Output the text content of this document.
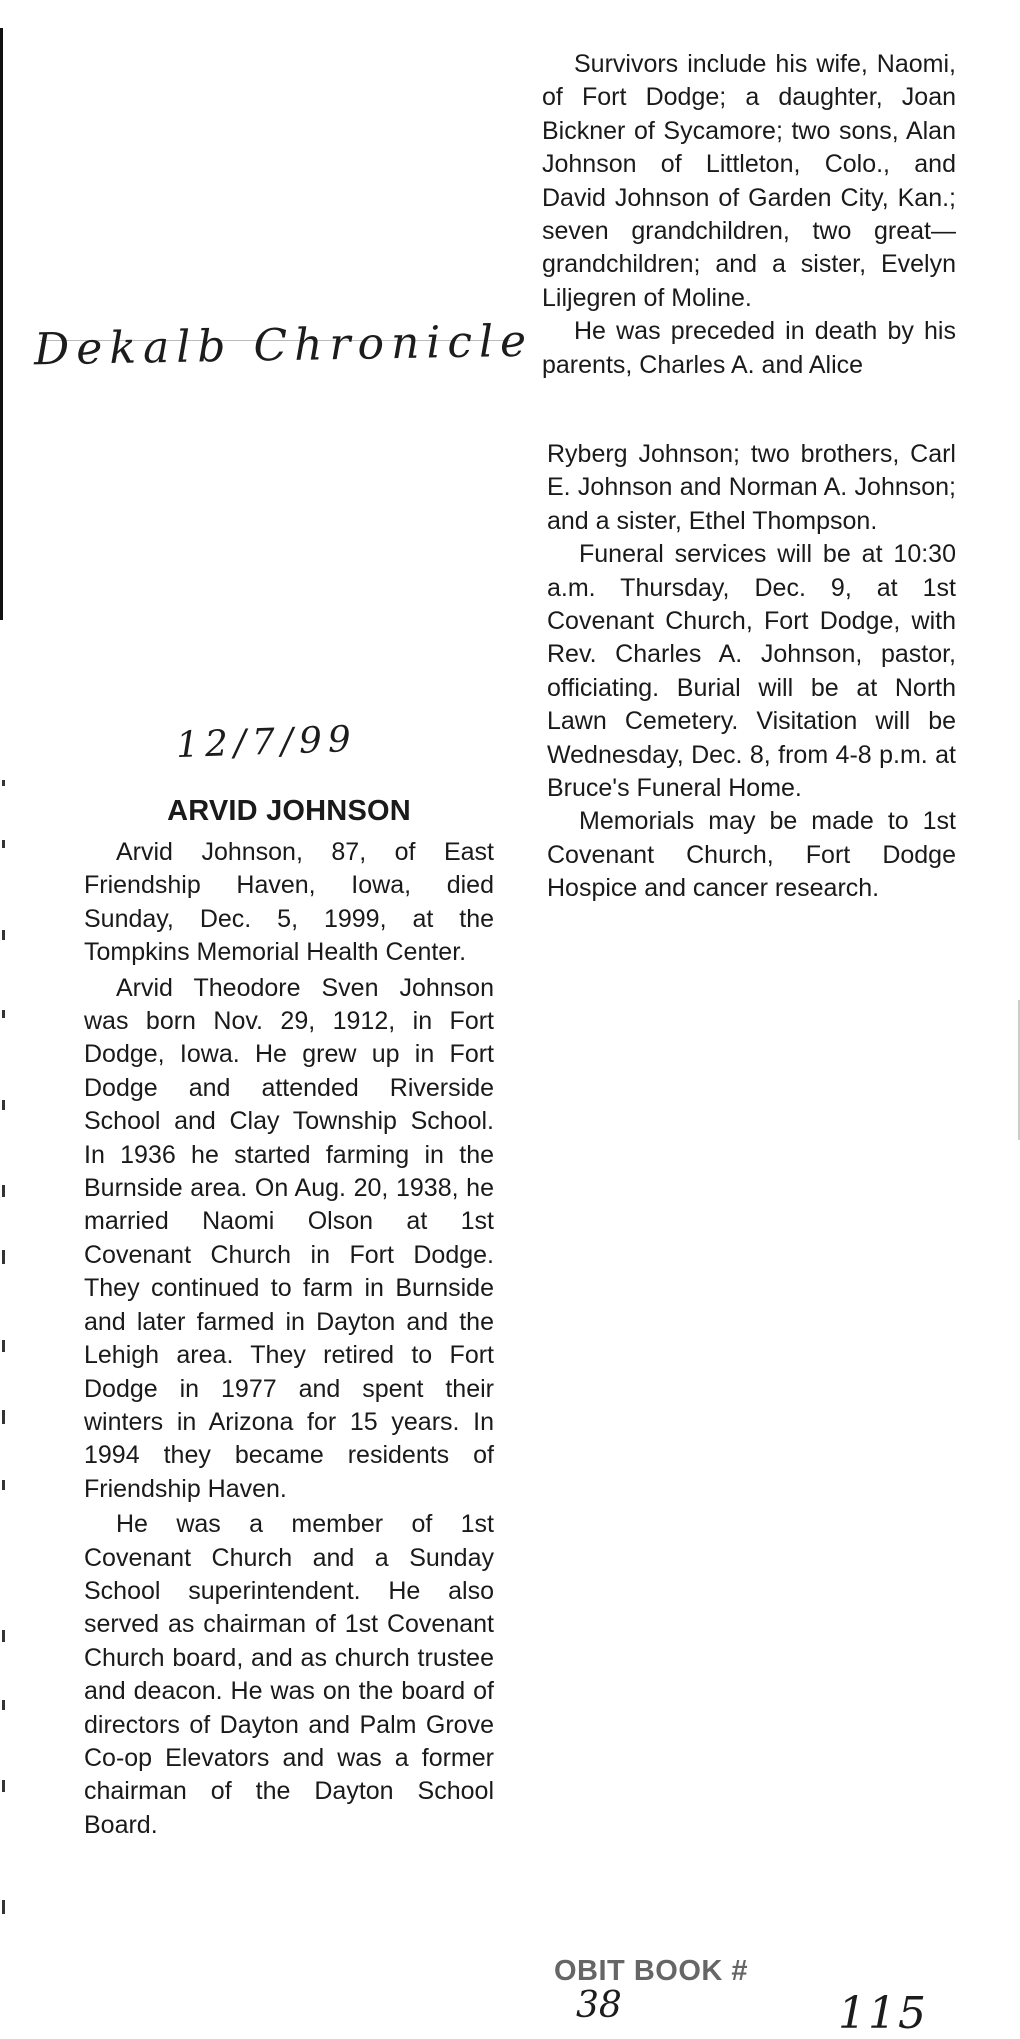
Dekalb Chronicle
12/7/99
ARVID JOHNSON

Arvid Johnson, 87, of East Friendship Haven, Iowa, died Sunday, Dec. 5, 1999, at the Tompkins Memorial Health Center.

Arvid Theodore Sven Johnson was born Nov. 29, 1912, in Fort Dodge, Iowa. He grew up in Fort Dodge and attended Riverside School and Clay Township School. In 1936 he started farming in the Burnside area. On Aug. 20, 1938, he married Naomi Olson at 1st Covenant Church in Fort Dodge. They continued to farm in Burnside and later farmed in Dayton and the Lehigh area. They retired to Fort Dodge in 1977 and spent their winters in Arizona for 15 years. In 1994 they became residents of Friendship Haven.

He was a member of 1st Covenant Church and a Sunday School superintendent. He also served as chairman of 1st Covenant Church board, and as church trustee and deacon. He was on the board of directors of Dayton and Palm Grove Co-op Elevators and was a former chairman of the Dayton School Board.

Survivors include his wife, Naomi, of Fort Dodge; a daughter, Joan Bickner of Sycamore; two sons, Alan Johnson of Littleton, Colo., and David Johnson of Garden City, Kan.; seven grandchildren, two great—grandchildren; and a sister, Evelyn Liljegren of Moline.

He was preceded in death by his parents, Charles A. and Alice

Ryberg Johnson; two brothers, Carl E. Johnson and Norman A. Johnson; and a sister, Ethel Thompson.

Funeral services will be at 10:30 a.m. Thursday, Dec. 9, at 1st Covenant Church, Fort Dodge, with Rev. Charles A. Johnson, pastor, officiating. Burial will be at North Lawn Cemetery. Visitation will be Wednesday, Dec. 8, from 4-8 p.m. at Bruce's Funeral Home.

Memorials may be made to 1st Covenant Church, Fort Dodge Hospice and cancer research.

OBIT BOOK #
38	115
